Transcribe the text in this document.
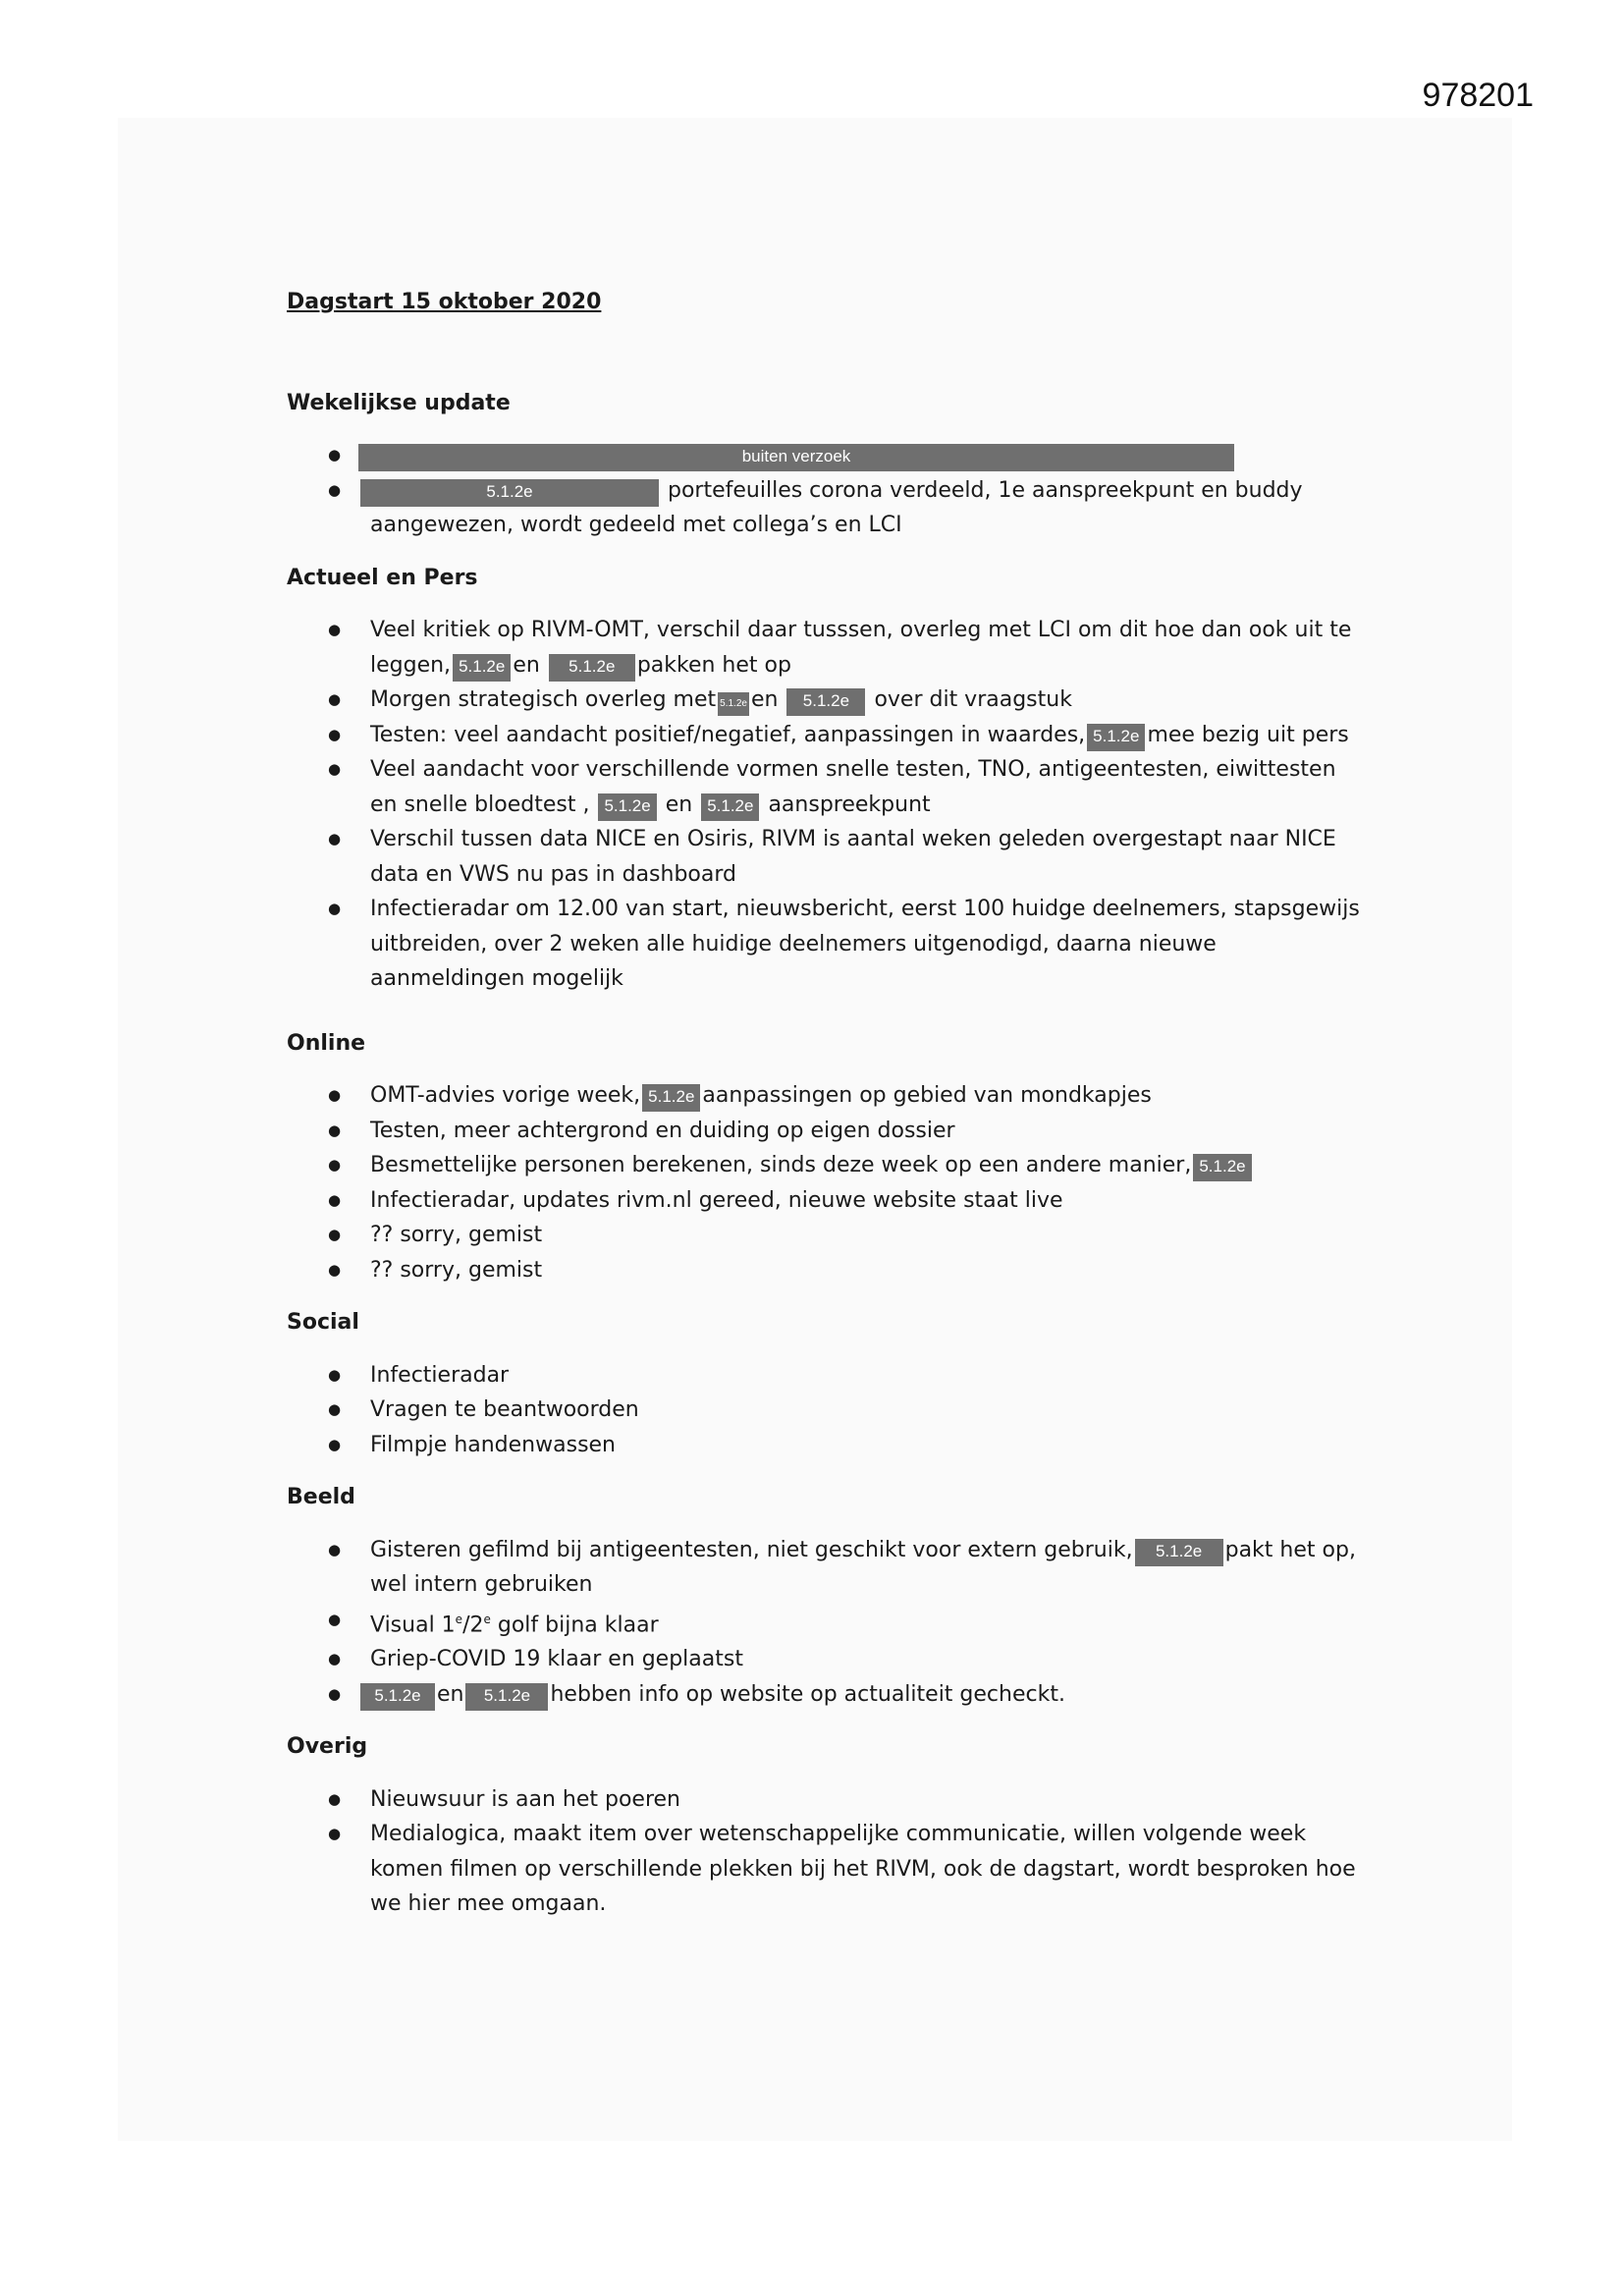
978201

Dagstart 15 oktober 2020

Wekelijkse update

● buiten verzoek
● 5.1.2e	portefeuilles corona verdeeld, 1e aanspreekpunt en buddy aangewezen, wordt gedeeld met collega’s en LCI

Actueel en Pers

● Veel kritiek op RIVM-OMT, verschil daar tusssen, overleg met LCI om dit hoe dan ook uit te leggen, 5.1.2e en 5.1.2e pakken het op
● Morgen strategisch overleg met 5.1.2e en 5.1.2e over dit vraagstuk
● Testen: veel aandacht positief/negatief, aanpassingen in waardes, 5.1.2e mee bezig uit pers
● Veel aandacht voor verschillende vormen snelle testen, TNO, antigeentesten, eiwittesten en snelle bloedtest , 5.1.2e en 5.1.2e aanspreekpunt
● Verschil tussen data NICE en Osiris, RIVM is aantal weken geleden overgestapt naar NICE data en VWS nu pas in dashboard
● Infectieradar om 12.00 van start, nieuwsbericht, eerst 100 huidge deelnemers, stapsgewijs uitbreiden, over 2 weken alle huidige deelnemers uitgenodigd, daarna nieuwe aanmeldingen mogelijk

Online

● OMT-advies vorige week, 5.1.2e aanpassingen op gebied van mondkapjes
● Testen, meer achtergrond en duiding op eigen dossier
● Besmettelijke personen berekenen, sinds deze week op een andere manier, 5.1.2e
● Infectieradar, updates rivm.nl gereed, nieuwe website staat live
● ?? sorry, gemist
● ?? sorry, gemist

Social

● Infectieradar
● Vragen te beantwoorden
● Filmpje handenwassen

Beeld

● Gisteren gefilmd bij antigeentesten, niet geschikt voor extern gebruik, 5.1.2e pakt het op, wel intern gebruiken
● Visual 1e/2e golf bijna klaar
● Griep-COVID 19 klaar en geplaatst
● 5.1.2e en 5.1.2e hebben info op website op actualiteit gecheckt.

Overig

● Nieuwsuur is aan het poeren
● Medialogica, maakt item over wetenschappelijke communicatie, willen volgende week komen filmen op verschillende plekken bij het RIVM, ook de dagstart, wordt besproken hoe we hier mee omgaan.
